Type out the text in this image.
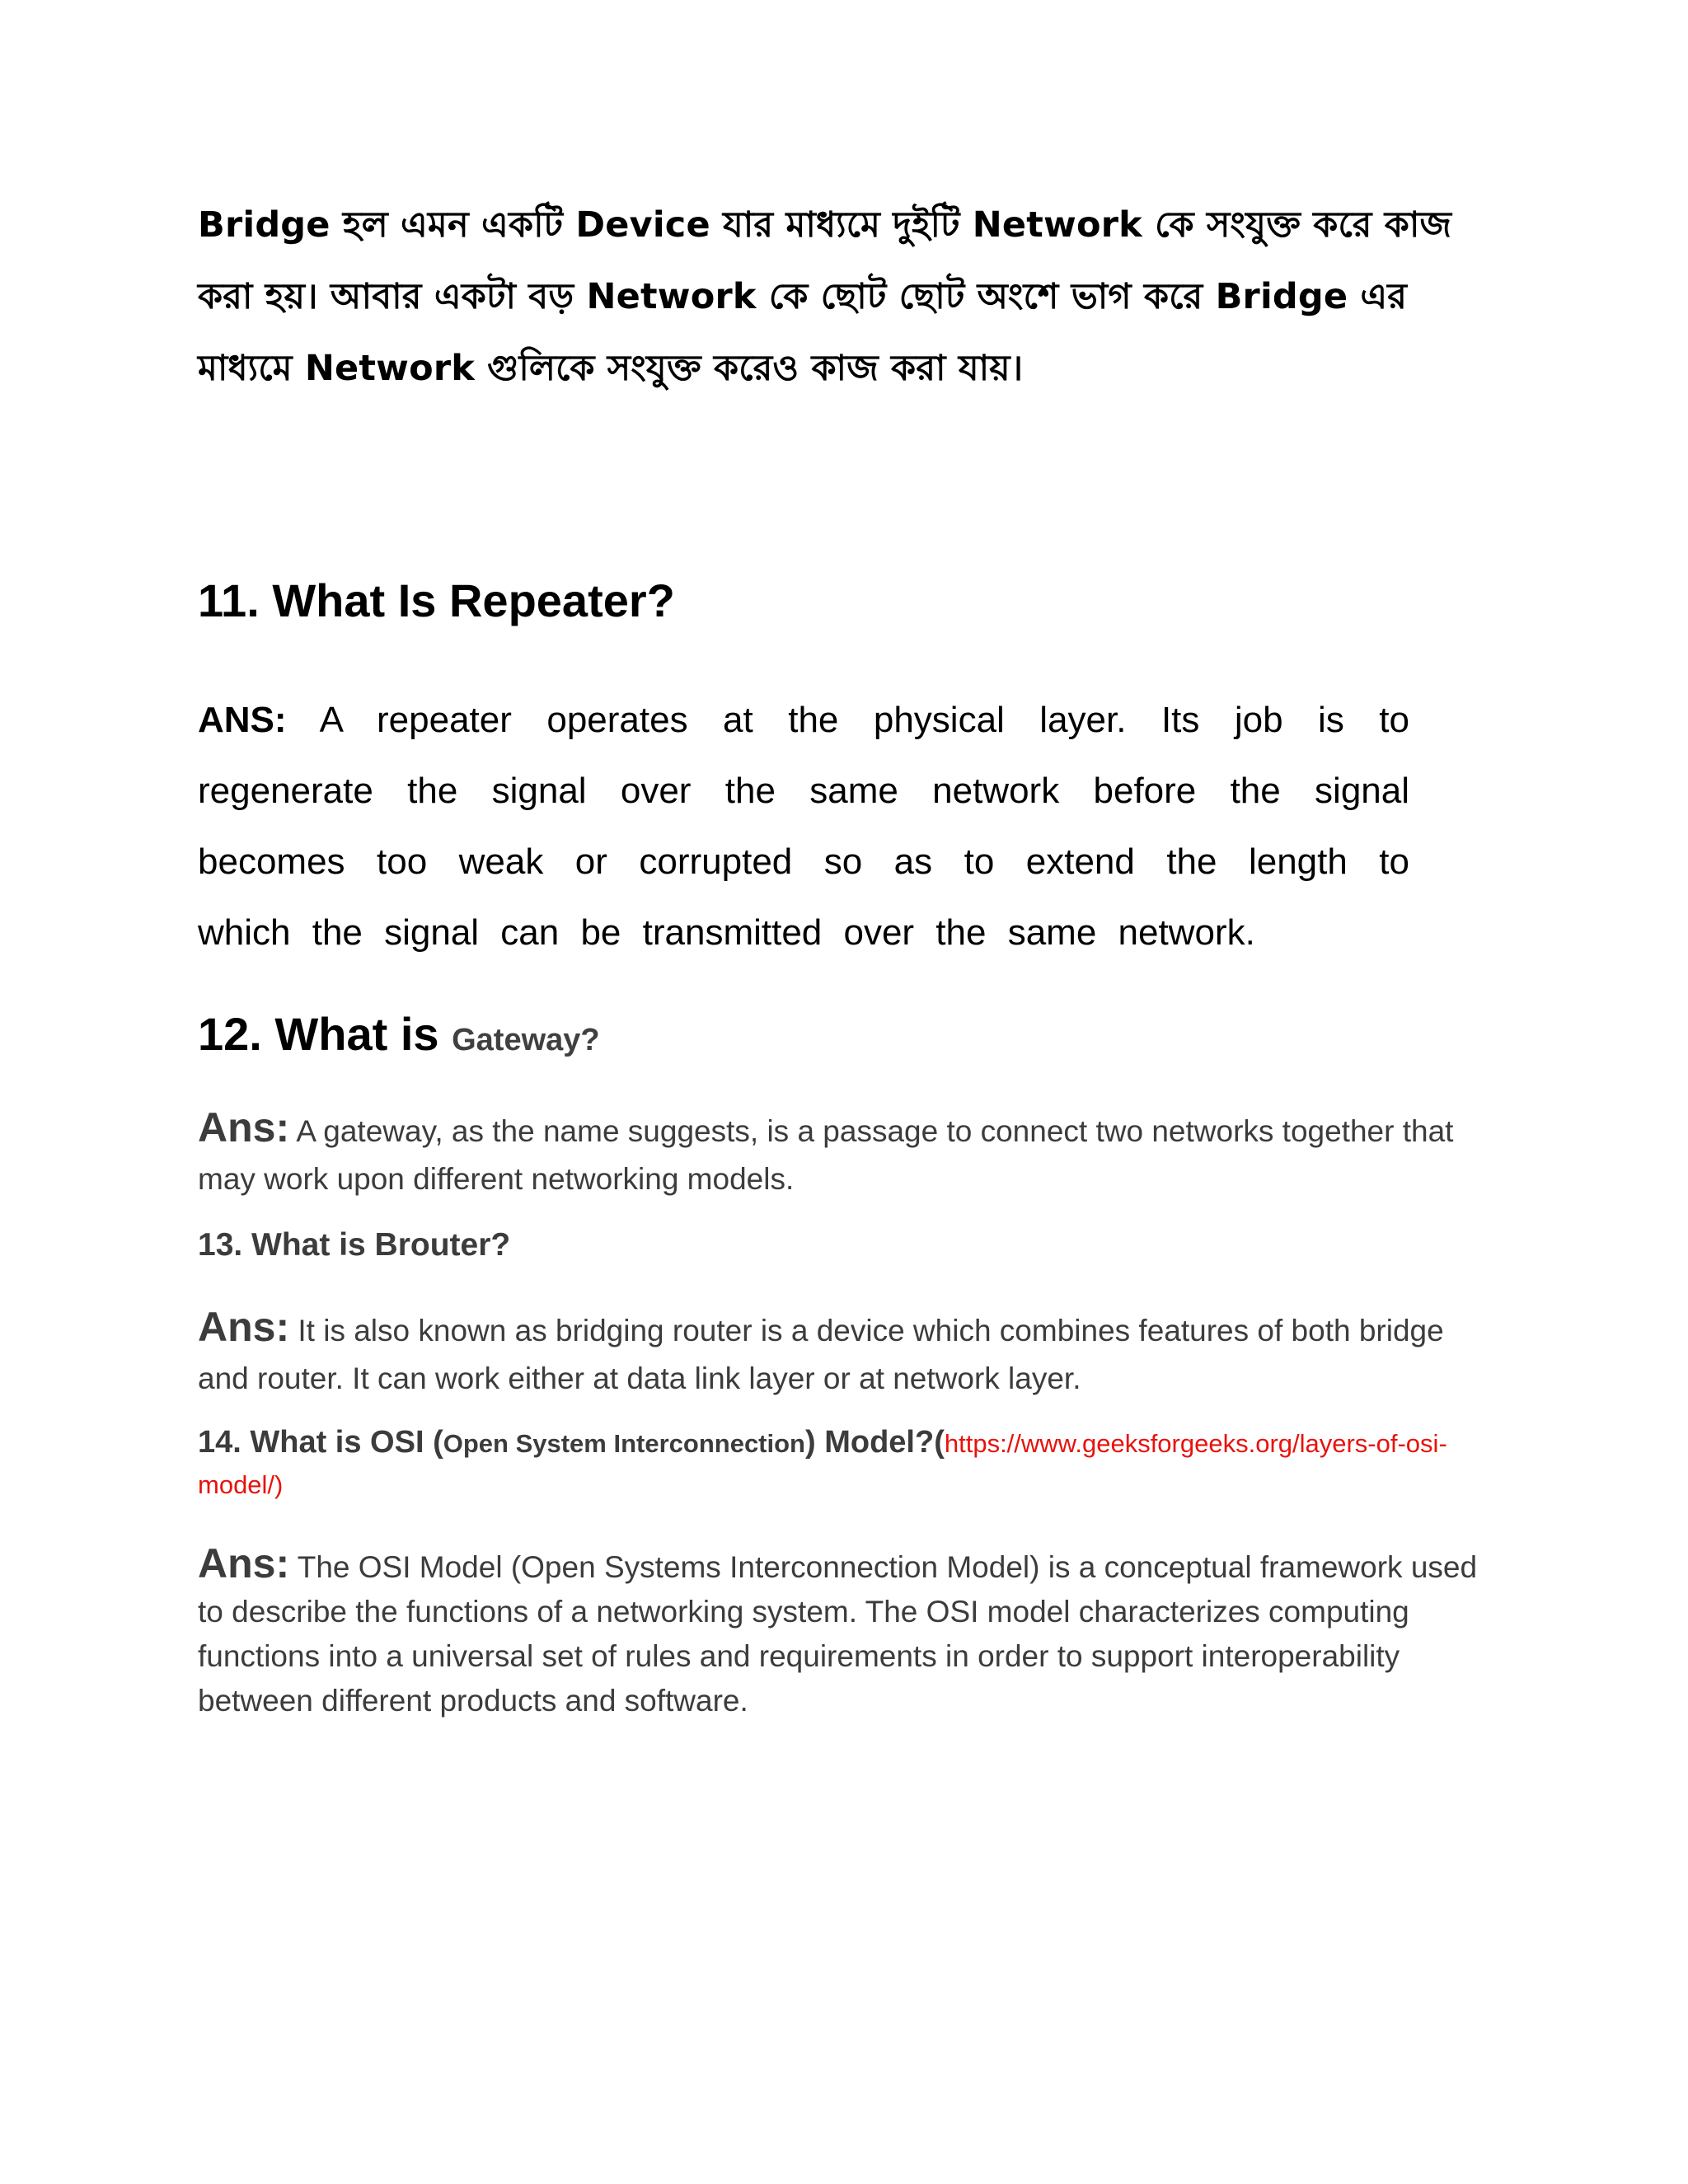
Bridge হল এমন একটি Device যার মাধ্যমে দুইটি Network কে সংযুক্ত করে কাজ করা হয়। আবার একটা বড় Network কে ছোট ছোট অংশে ভাগ করে Bridge এর মাধ্যমে Network গুলিকে সংযুক্ত করেও কাজ করা যায়।

11. What Is Repeater?

ANS: A repeater operates at the physical layer. Its job is to regenerate the signal over the same network before the signal becomes too weak or corrupted so as to extend the length to which the signal can be transmitted over the same network.

12. What is Gateway?

Ans: A gateway, as the name suggests, is a passage to connect two networks together that may work upon different networking models.

13. What is Brouter?

Ans: It is also known as bridging router is a device which combines features of both bridge and router. It can work either at data link layer or at network layer.

14. What is OSI (Open System Interconnection) Model?(https://www.geeksforgeeks.org/layers-of-osi-model/)

Ans: The OSI Model (Open Systems Interconnection Model) is a conceptual framework used to describe the functions of a networking system. The OSI model characterizes computing functions into a universal set of rules and requirements in order to support interoperability between different products and software.
